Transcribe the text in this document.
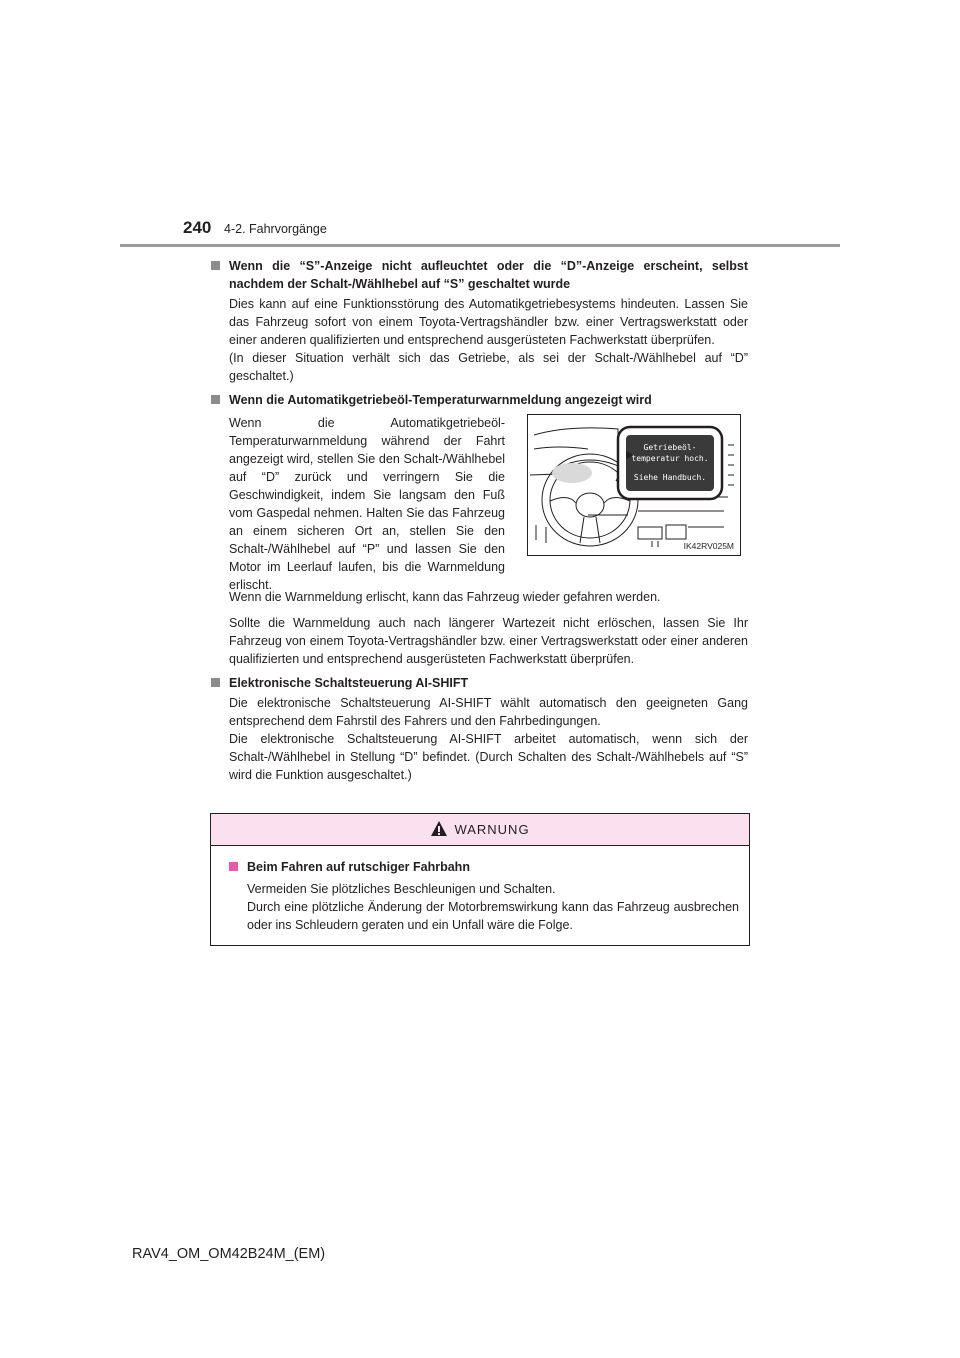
240 4-2. Fahrvorgänge
Wenn die “S”-Anzeige nicht aufleuchtet oder die “D”-Anzeige erscheint, selbst nachdem der Schalt-/Wählhebel auf “S” geschaltet wurde
Dies kann auf eine Funktionsstörung des Automatikgetriebesystems hindeuten. Lassen Sie das Fahrzeug sofort von einem Toyota-Vertragshändler bzw. einer Vertragswerkstatt oder einer anderen qualifizierten und entsprechend ausgerüsteten Fachwerkstatt überprüfen.
(In dieser Situation verhält sich das Getriebe, als sei der Schalt-/Wählhebel auf “D” geschaltet.)
Wenn die Automatikgetriebeöl-Temperaturwarnmeldung angezeigt wird
Wenn die Automatikgetriebeöl-Temperaturwarnmeldung während der Fahrt angezeigt wird, stellen Sie den Schalt-/Wählhebel auf “D” zurück und verringern Sie die Geschwindigkeit, indem Sie langsam den Fuß vom Gaspedal nehmen. Halten Sie das Fahrzeug an einem sicheren Ort an, stellen Sie den Schalt-/Wählhebel auf “P” und lassen Sie den Motor im Leerlauf laufen, bis die Warnmeldung erlischt.
Getriebeöl-
temperatur hoch.
Siehe Handbuch.
IK42RV025M
Wenn die Warnmeldung erlischt, kann das Fahrzeug wieder gefahren werden.
Sollte die Warnmeldung auch nach längerer Wartezeit nicht erlöschen, lassen Sie Ihr Fahrzeug von einem Toyota-Vertragshändler bzw. einer Vertragswerkstatt oder einer anderen qualifizierten und entsprechend ausgerüsteten Fachwerkstatt überprüfen.
Elektronische Schaltsteuerung AI-SHIFT
Die elektronische Schaltsteuerung AI-SHIFT wählt automatisch den geeigneten Gang entsprechend dem Fahrstil des Fahrers und den Fahrbedingungen.
Die elektronische Schaltsteuerung AI-SHIFT arbeitet automatisch, wenn sich der Schalt-/Wählhebel in Stellung “D” befindet. (Durch Schalten des Schalt-/Wählhebels auf “S” wird die Funktion ausgeschaltet.)
WARNUNG
Beim Fahren auf rutschiger Fahrbahn
Vermeiden Sie plötzliches Beschleunigen und Schalten.
Durch eine plötzliche Änderung der Motorbremswirkung kann das Fahrzeug ausbrechen oder ins Schleudern geraten und ein Unfall wäre die Folge.
RAV4_OM_OM42B24M_(EM)
